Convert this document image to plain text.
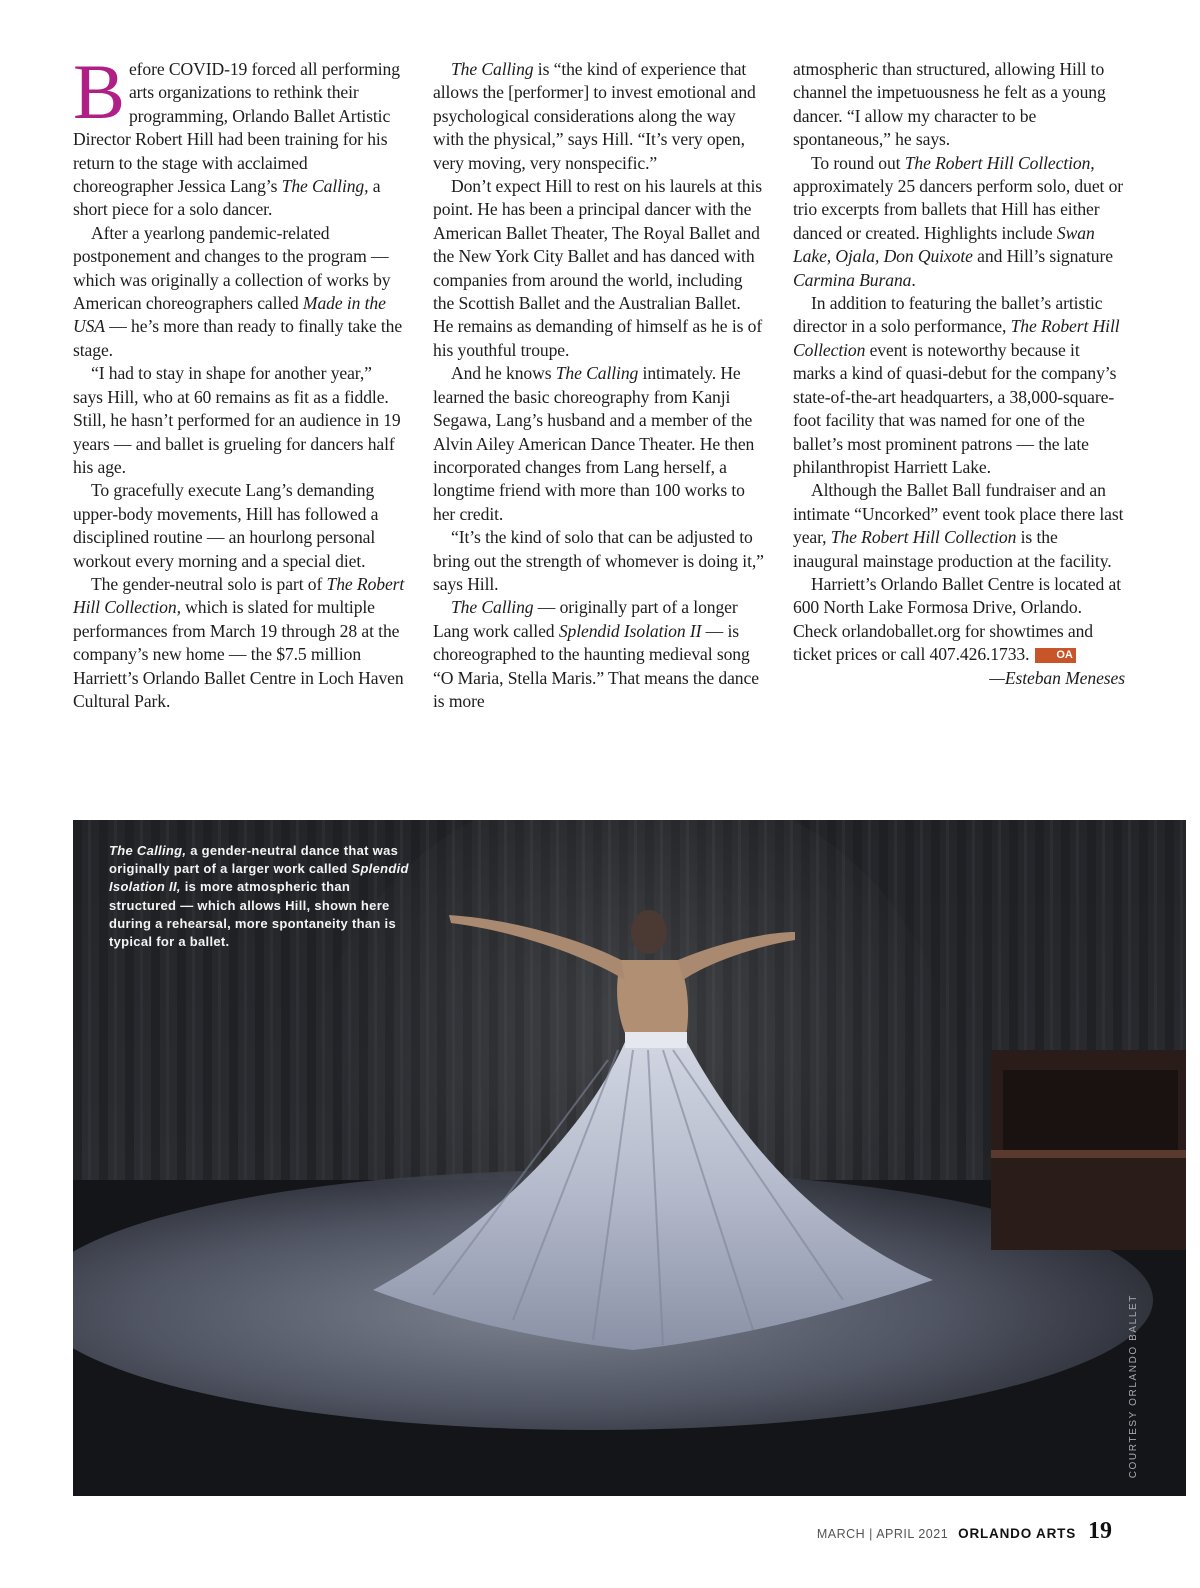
Before COVID-19 forced all performing arts organizations to rethink their programming, Orlando Ballet Artistic Director Robert Hill had been training for his return to the stage with acclaimed choreographer Jessica Lang’s The Calling, a short piece for a solo dancer.

After a yearlong pandemic-related postponement and changes to the program — which was originally a collection of works by American choreographers called Made in the USA — he’s more than ready to finally take the stage.

“I had to stay in shape for another year,” says Hill, who at 60 remains as fit as a fiddle. Still, he hasn’t performed for an audience in 19 years — and ballet is grueling for dancers half his age.

To gracefully execute Lang’s demanding upper-body movements, Hill has followed a disciplined routine — an hourlong personal workout every morning and a special diet.

The gender-neutral solo is part of The Robert Hill Collection, which is slated for multiple performances from March 19 through 28 at the company’s new home — the $7.5 million Harriett’s Orlando Ballet Centre in Loch Haven Cultural Park.

The Calling is “the kind of experience that allows the [performer] to invest emotional and psychological considerations along the way with the physical,” says Hill. “It’s very open, very moving, very nonspecific.”

Don’t expect Hill to rest on his laurels at this point. He has been a principal dancer with the American Ballet Theater, The Royal Ballet and the New York City Ballet and has danced with companies from around the world, including the Scottish Ballet and the Australian Ballet. He remains as demanding of himself as he is of his youthful troupe.

And he knows The Calling intimately. He learned the basic choreography from Kanji Segawa, Lang’s husband and a member of the Alvin Ailey American Dance Theater. He then incorporated changes from Lang herself, a longtime friend with more than 100 works to her credit.

“It’s the kind of solo that can be adjusted to bring out the strength of whomever is doing it,” says Hill.

The Calling — originally part of a longer Lang work called Splendid Isolation II — is choreographed to the haunting medieval song “O Maria, Stella Maris.” That means the dance is more

atmospheric than structured, allowing Hill to channel the impetuousness he felt as a young dancer. “I allow my character to be spontaneous,” he says.

To round out The Robert Hill Collection, approximately 25 dancers perform solo, duet or trio excerpts from ballets that Hill has either danced or created. Highlights include Swan Lake, Ojala, Don Quixote and Hill’s signature Carmina Burana.

In addition to featuring the ballet’s artistic director in a solo performance, The Robert Hill Collection event is noteworthy because it marks a kind of quasi-debut for the company’s state-of-the-art headquarters, a 38,000-square-foot facility that was named for one of the ballet’s most prominent patrons — the late philanthropist Harriett Lake.

Although the Ballet Ball fundraiser and an intimate “Uncorked” event took place there last year, The Robert Hill Collection is the inaugural mainstage production at the facility.

Harriett’s Orlando Ballet Centre is located at 600 North Lake Formosa Drive, Orlando. Check orlandoballet.org for showtimes and ticket prices or call 407.426.1733. OA

—Esteban Meneses

The Calling, a gender-neutral dance that was originally part of a larger work called Splendid Isolation II, is more atmospheric than structured — which allows Hill, shown here during a rehearsal, more spontaneity than is typical for a ballet.
COURTESY ORLANDO BALLET
MARCH | APRIL 2021 ORLANDO ARTS 19
